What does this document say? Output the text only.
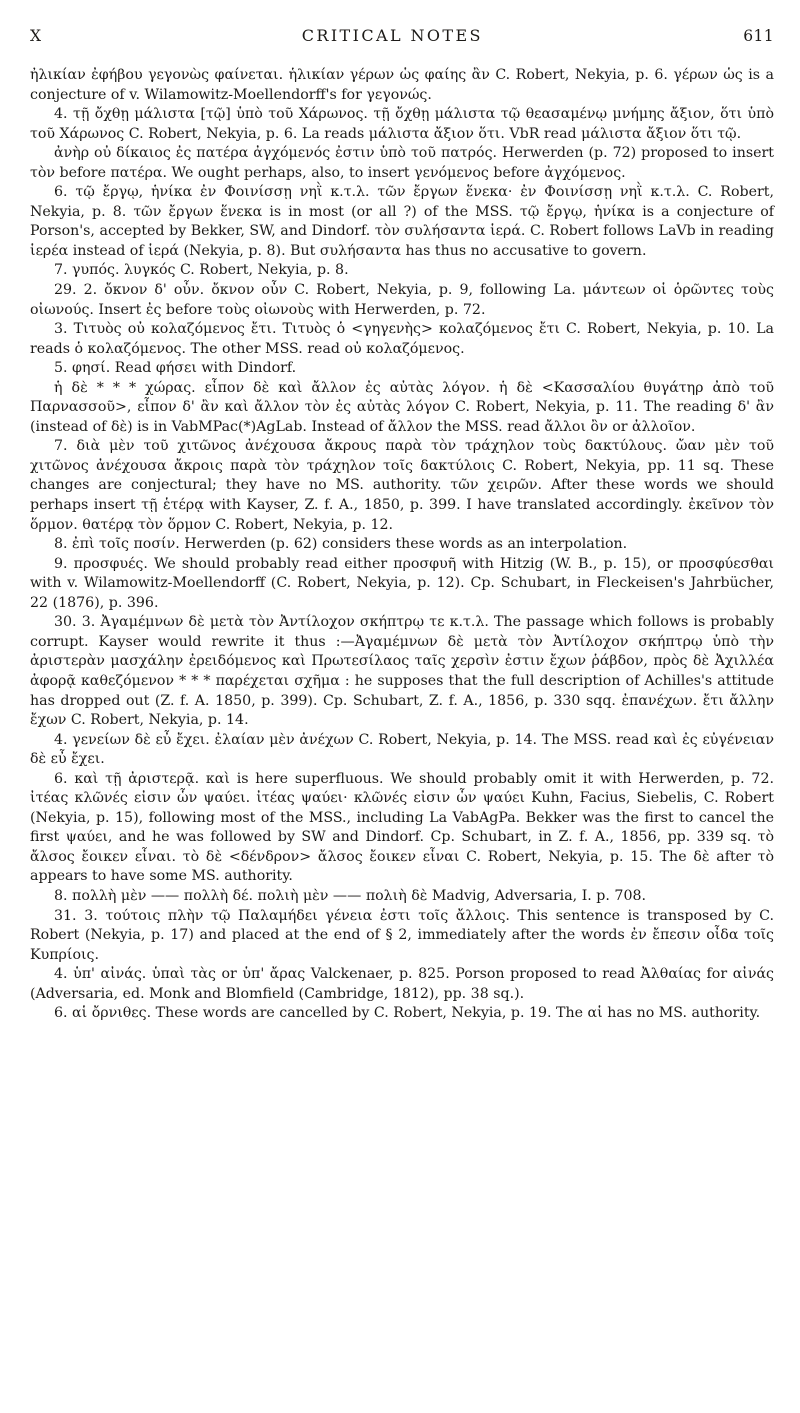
X	CRITICAL NOTES	611

ἠλικίαν ἐφήβου γεγονὼς φαίνεται. ἡλικίαν γέρων ὡς φαίης ἂν C. Robert, Nekyia, p. 6. γέρων ὡς is a conjecture of v. Wilamowitz-Moellendorff's for γεγονώς.

4. τῇ ὄχθῃ μάλιστα [τῷ] ὑπὸ τοῦ Χάρωνος. τῇ ὄχθῃ μάλιστα τῷ θεασαμένῳ μνήμης ἄξιον, ὅτι ὑπὸ τοῦ Χάρωνος C. Robert, Nekyia, p. 6. La reads μάλιστα ἄξιον ὅτι. VbR read μάλιστα ἄξιον ὅτι τῷ.

ἀνὴρ οὐ δίκαιος ἐς πατέρα ἀγχόμενός ἐστιν ὑπὸ τοῦ πατρός. Herwerden (p. 72) proposed to insert τὸν before πατέρα. We ought perhaps, also, to insert γενόμενος before ἀγχόμενος.

6. τῷ ἔργῳ, ἡνίκα ἐν Φοινίσσῃ νηῒ κ.τ.λ. τῶν ἔργων ἕνεκα· ἐν Φοινίσσῃ νηῒ κ.τ.λ. C. Robert, Nekyia, p. 8. τῶν ἔργων ἕνεκα is in most (or all ?) of the MSS. τῷ ἔργῳ, ἡνίκα is a conjecture of Porson's, accepted by Bekker, SW, and Dindorf. τὸν συλήσαντα ἱερά. C. Robert follows LaVb in reading ἱερέα instead of ἱερά (Nekyia, p. 8). But συλήσαντα has thus no accusative to govern.

7. γυπός. λυγκός C. Robert, Nekyia, p. 8.

29. 2. ὄκνον δ' οὖν. ὄκνον οὖν C. Robert, Nekyia, p. 9, following La. μάντεων οἱ ὁρῶντες τοὺς οἰωνούς. Insert ἐς before τοὺς οἰωνοὺς with Herwerden, p. 72.

3. Τιτυὸς οὐ κολαζόμενος ἔτι. Τιτυὸς ὁ <γηγενὴς> κολαζόμενος ἔτι C. Robert, Nekyia, p. 10. La reads ὁ κολαζόμενος. The other MSS. read οὐ κολαζόμενος.

5. φησί. Read φήσει with Dindorf.

ἡ δὲ * * * χώρας. εἶπον δὲ καὶ ἄλλον ἐς αὐτὰς λόγον. ἡ δὲ <Κασσαλίου θυγάτηρ ἀπὸ τοῦ Παρνασσοῦ>, εἶπον δ' ἂν καὶ ἄλλον τὸν ἐς αὐτὰς λόγον C. Robert, Nekyia, p. 11. The reading δ' ἂν (instead of δὲ) is in VabMPac(*)AgLab. Instead of ἄλλον the MSS. read ἄλλοι ὂν or ἀλλοῖον.

7. διὰ μὲν τοῦ χιτῶνος ἀνέχουσα ἄκρους παρὰ τὸν τράχηλον τοὺς δακτύλους. ὤαν μὲν τοῦ χιτῶνος ἀνέχουσα ἄκροις παρὰ τὸν τράχηλον τοῖς δακτύλοις C. Robert, Nekyia, pp. 11 sq. These changes are conjectural; they have no MS. authority. τῶν χειρῶν. After these words we should perhaps insert τῇ ἑτέρᾳ with Kayser, Z. f. A., 1850, p. 399. I have translated accordingly. ἐκεῖνον τὸν ὅρμον. θατέρᾳ τὸν ὅρμον C. Robert, Nekyia, p. 12.

8. ἐπὶ τοῖς ποσίν. Herwerden (p. 62) considers these words as an interpolation.

9. προσφυές. We should probably read either προσφυῆ with Hitzig (W. B., p. 15), or προσφύεσθαι with v. Wilamowitz-Moellendorff (C. Robert, Nekyia, p. 12). Cp. Schubart, in Fleckeisen's Jahrbücher, 22 (1876), p. 396.

30. 3. Ἀγαμέμνων δὲ μετὰ τὸν Ἀντίλοχον σκήπτρῳ τε κ.τ.λ. The passage which follows is probably corrupt. Kayser would rewrite it thus :—Ἀγαμέμνων δὲ μετὰ τὸν Ἀντίλοχον σκήπτρῳ ὑπὸ τὴν ἀριστερὰν μασχάλην ἐρειδόμενος καὶ Πρωτεσίλαος ταῖς χερσὶν ἐστιν ἔχων ῥάβδον, πρὸς δὲ Ἀχιλλέα ἀφορᾷ καθεζόμενον * * * παρέχεται σχῆμα : he supposes that the full description of Achilles's attitude has dropped out (Z. f. A. 1850, p. 399). Cp. Schubart, Z. f. A., 1856, p. 330 sqq. ἐπανέχων. ἔτι ἄλλην ἔχων C. Robert, Nekyia, p. 14.

4. γενείων δὲ εὖ ἔχει. ἐλαίαν μὲν ἀνέχων C. Robert, Nekyia, p. 14. The MSS. read καὶ ἐς εὐγένειαν δὲ εὖ ἔχει.

6. καὶ τῇ ἀριστερᾷ. καὶ is here superfluous. We should probably omit it with Herwerden, p. 72. ἰτέας κλῶνές εἰσιν ὧν ψαύει. ἰτέας ψαύει· κλῶνές εἰσιν ὧν ψαύει Kuhn, Facius, Siebelis, C. Robert (Nekyia, p. 15), following most of the MSS., including La VabAgPa. Bekker was the first to cancel the first ψαύει, and he was followed by SW and Dindorf. Cp. Schubart, in Z. f. A., 1856, pp. 339 sq. τὸ ἄλσος ἔοικεν εἶναι. τὸ δὲ <δένδρον> ἄλσος ἔοικεν εἶναι C. Robert, Nekyia, p. 15. The δὲ after τὸ appears to have some MS. authority.

8. πολλὴ μὲν —— πολλὴ δέ. πολιὴ μὲν —— πολιὴ δὲ Madvig, Adversaria, I. p. 708.

31. 3. τούτοις πλὴν τῷ Παλαμήδει γένεια ἐστι τοῖς ἄλλοις. This sentence is transposed by C. Robert (Nekyia, p. 17) and placed at the end of § 2, immediately after the words ἐν ἔπεσιν οἶδα τοῖς Κυπρίοις.

4. ὑπ' αἰνάς. ὑπαὶ τὰς or ὑπ' ἄρας Valckenaer, p. 825. Porson proposed to read Ἀλθαίας for αἰνάς (Adversaria, ed. Monk and Blomfield (Cambridge, 1812), pp. 38 sq.).

6. αἱ ὄρνιθες. These words are cancelled by C. Robert, Nekyia, p. 19. The αἱ has no MS. authority.
